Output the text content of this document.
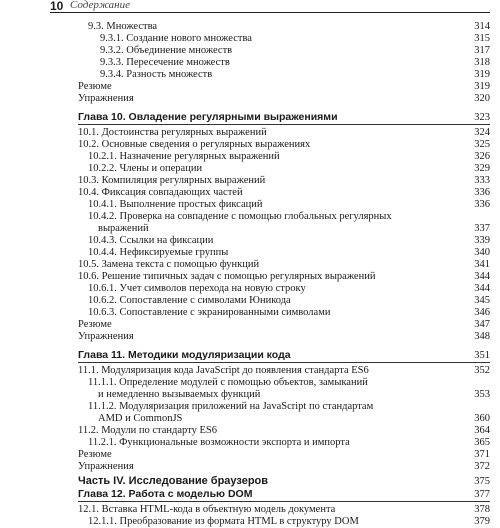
10 Содержание
9.3. Множества	314
9.3.1. Создание нового множества	315
9.3.2. Объединение множеств	317
9.3.3. Пересечение множеств	318
9.3.4. Разность множеств	319
Резюме	319
Упражнения	320
Глава 10. Овладение регулярными выражениями	323
10.1. Достоинства регулярных выражений	324
10.2. Основные сведения о регулярных выражениях	325
10.2.1. Назначение регулярных выражений	326
10.2.2. Члены и операции	329
10.3. Компиляция регулярных выражений	333
10.4. Фиксация совпадающих частей	336
10.4.1. Выполнение простых фиксаций	336
10.4.2. Проверка на совпадение с помощью глобальных регулярных
выражений	337
10.4.3. Ссылки на фиксации	339
10.4.4. Нефиксируемые группы	340
10.5. Замена текста с помощью функций	341
10.6. Решение типичных задач с помощью регулярных выражений	344
10.6.1. Учет символов перехода на новую строку	344
10.6.2. Сопоставление с символами Юникода	345
10.6.3. Сопоставление с экранированными символами	346
Резюме	347
Упражнения	348
Глава 11. Методики модуляризации кода	351
11.1. Модуляризация кода JavaScript до появления стандарта ES6	352
11.1.1. Определение модулей с помощью объектов, замыканий
и немедленно вызываемых функций	353
11.1.2. Модуляризация приложений на JavaScript по стандартам
AMD и CommonJS	360
11.2. Модули по стандарту ES6	364
11.2.1. Функциональные возможности экспорта и импорта	365
Резюме	371
Упражнения	372
Часть IV. Исследование браузеров	375
Глава 12. Работа с моделью DOM	377
12.1. Вставка HTML-кода в объектную модель документа	378
12.1.1. Преобразование из формата HTML в структуру DOM	379
